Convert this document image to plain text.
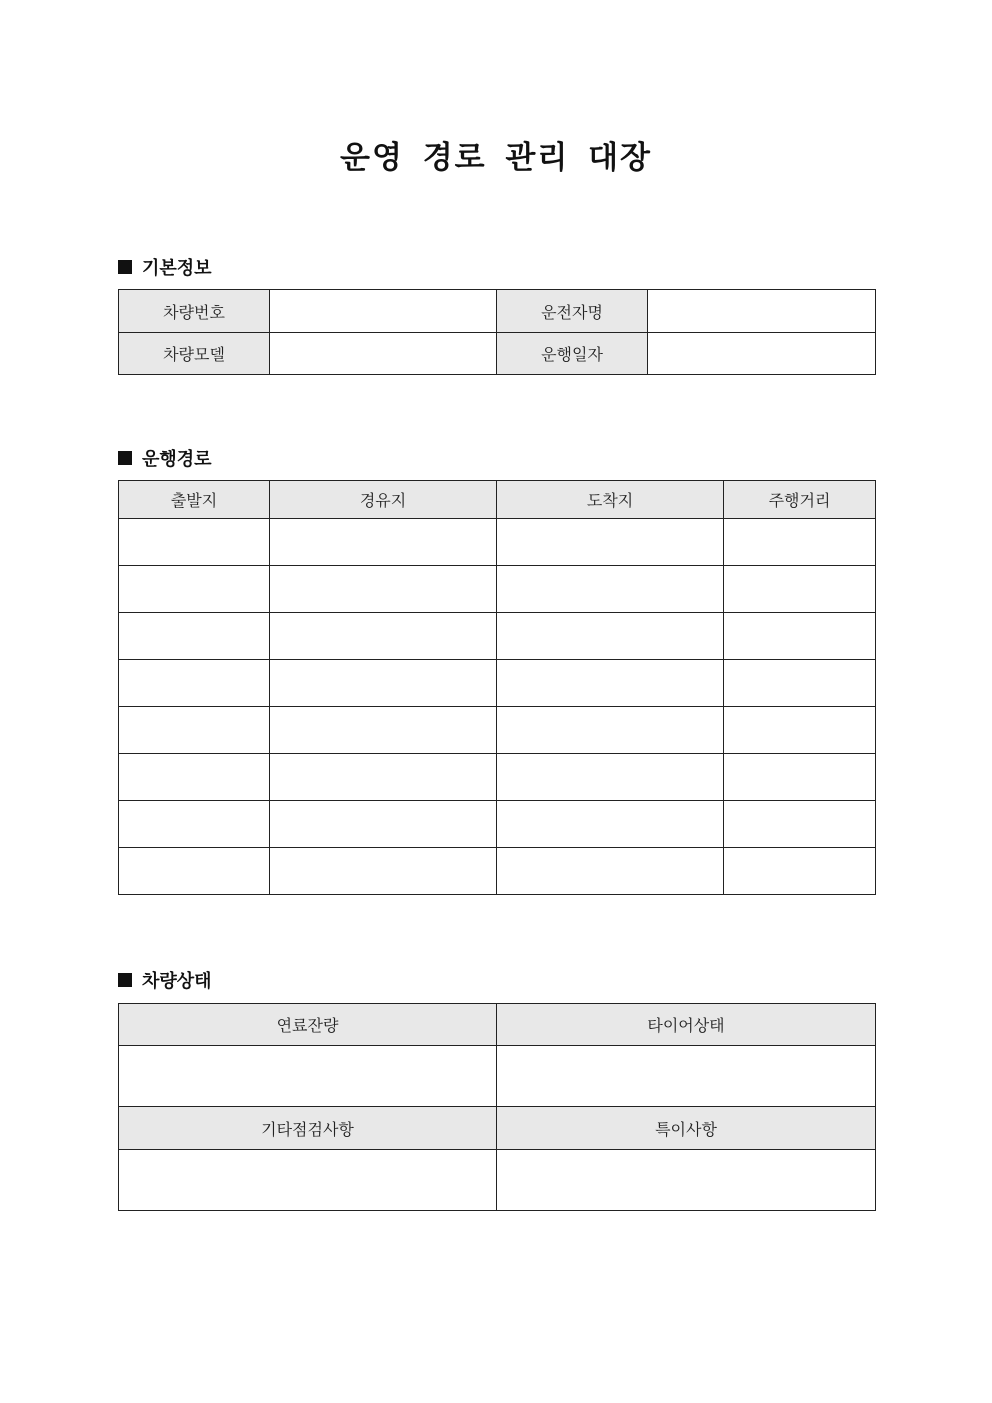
운영 경로 관리 대장
기본정보
차량번호		운전자명	
차량모델		운행일자	
운행경로
출발지	경유지	도착지	주행거리

차량상태
연료잔량	타이어상태

기타점검사항	특이사항
